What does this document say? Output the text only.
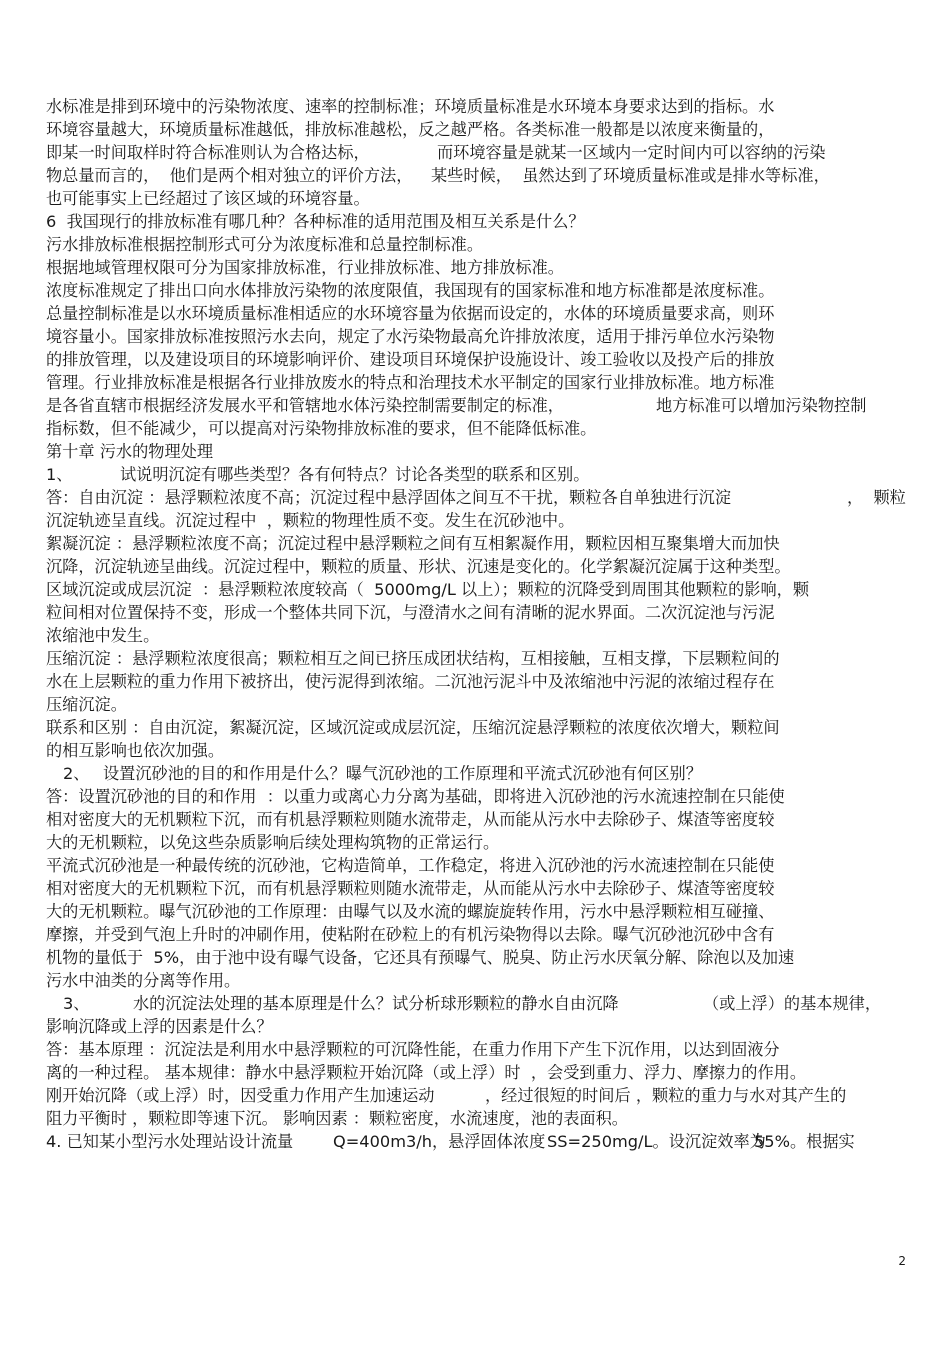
水标准是排到环境中的污染物浓度、速率的控制标准；环境质量标准是水环境本身要求达到的指标。水
环境容量越大，环境质量标准越低，排放标准越松，反之越严格。各类标准一般都是以浓度来衡量的，
即某一时间取样时符合标准则认为合格达标，	而环境容量是就某一区域内一定时间内可以容纳的污染
物总量而言的，  他们是两个相对独立的评价方法， 某些时候，  虽然达到了环境质量标准或是排水等标准，
也可能事实上已经超过了该区域的环境容量。
6  我国现行的排放标准有哪几种？各种标准的适用范围及相互关系是什么？
污水排放标准根据控制形式可分为浓度标准和总量控制标准。
根据地域管理权限可分为国家排放标准，行业排放标准、地方排放标准。
浓度标准规定了排出口向水体排放污染物的浓度限值，我国现有的国家标准和地方标准都是浓度标准。
总量控制标准是以水环境质量标准相适应的水环境容量为依据而设定的，水体的环境质量要求高，则环
境容量小。国家排放标准按照污水去向，规定了水污染物最高允许排放浓度，适用于排污单位水污染物
的排放管理，以及建设项目的环境影响评价、建设项目环境保护设施设计、竣工验收以及投产后的排放
管理。行业排放标准是根据各行业排放废水的特点和治理技术水平制定的国家行业排放标准。地方标准
是各省直辖市根据经济发展水平和管辖地水体污染控制需要制定的标准，	地方标准可以增加污染物控制
指标数，但不能减少，可以提高对污染物排放标准的要求，但不能降低标准。
第十章 污水的物理处理
1、	试说明沉淀有哪些类型？各有何特点？讨论各类型的联系和区别。
答：自由沉淀 ：悬浮颗粒浓度不高；沉淀过程中悬浮固体之间互不干扰，颗粒各自单独进行沉淀	，  颗粒
沉淀轨迹呈直线。沉淀过程中  ，颗粒的物理性质不变。发生在沉砂池中。
絮凝沉淀 ：悬浮颗粒浓度不高；沉淀过程中悬浮颗粒之间有互相絮凝作用，颗粒因相互聚集增大而加快
沉降，沉淀轨迹呈曲线。沉淀过程中，颗粒的质量、形状、沉速是变化的。化学絮凝沉淀属于这种类型。
区域沉淀或成层沉淀  ：悬浮颗粒浓度较高（  5000mg/L 以上）；颗粒的沉降受到周围其他颗粒的影响，颗
粒间相对位置保持不变，形成一个整体共同下沉，与澄清水之间有清晰的泥水界面。二次沉淀池与污泥
浓缩池中发生。
压缩沉淀 ：悬浮颗粒浓度很高；颗粒相互之间已挤压成团状结构，互相接触，互相支撑，下层颗粒间的
水在上层颗粒的重力作用下被挤出，使污泥得到浓缩。二沉池污泥斗中及浓缩池中污泥的浓缩过程存在
压缩沉淀。
联系和区别 ：自由沉淀，絮凝沉淀，区域沉淀或成层沉淀，压缩沉淀悬浮颗粒的浓度依次增大，颗粒间
的相互影响也依次加强。
2、 设置沉砂池的目的和作用是什么？曝气沉砂池的工作原理和平流式沉砂池有何区别？
答：设置沉砂池的目的和作用  ：以重力或离心力分离为基础，即将进入沉砂池的污水流速控制在只能使
相对密度大的无机颗粒下沉，而有机悬浮颗粒则随水流带走，从而能从污水中去除砂子、煤渣等密度较
大的无机颗粒，以免这些杂质影响后续处理构筑物的正常运行。
平流式沉砂池是一种最传统的沉砂池，它构造简单，工作稳定，将进入沉砂池的污水流速控制在只能使
相对密度大的无机颗粒下沉，而有机悬浮颗粒则随水流带走，从而能从污水中去除砂子、煤渣等密度较
大的无机颗粒。曝气沉砂池的工作原理：由曝气以及水流的螺旋旋转作用，污水中悬浮颗粒相互碰撞、
摩擦，并受到气泡上升时的冲刷作用，使粘附在砂粒上的有机污染物得以去除。曝气沉砂池沉砂中含有
机物的量低于  5%，由于池中设有曝气设备，它还具有预曝气、脱臭、防止污水厌氧分解、除泡以及加速
污水中油类的分离等作用。
3、	水的沉淀法处理的基本原理是什么？试分析球形颗粒的静水自由沉降	（或上浮）的基本规律，
影响沉降或上浮的因素是什么？
答：基本原理 ：沉淀法是利用水中悬浮颗粒的可沉降性能，在重力作用下产生下沉作用，以达到固液分
离的一种过程。 基本规律：静水中悬浮颗粒开始沉降（或上浮）时  ，会受到重力、浮力、摩擦力的作用。
刚开始沉降（或上浮）时，因受重力作用产生加速运动	，经过很短的时间后 ，颗粒的重力与水对其产生的
阻力平衡时 ，颗粒即等速下沉。 影响因素 ：颗粒密度，水流速度，池的表面积。
4. 已知某小型污水处理站设计流量 Q=400m3/h，悬浮固体浓度 SS=250mg/L。设沉淀效率为
55%。根据实
2
